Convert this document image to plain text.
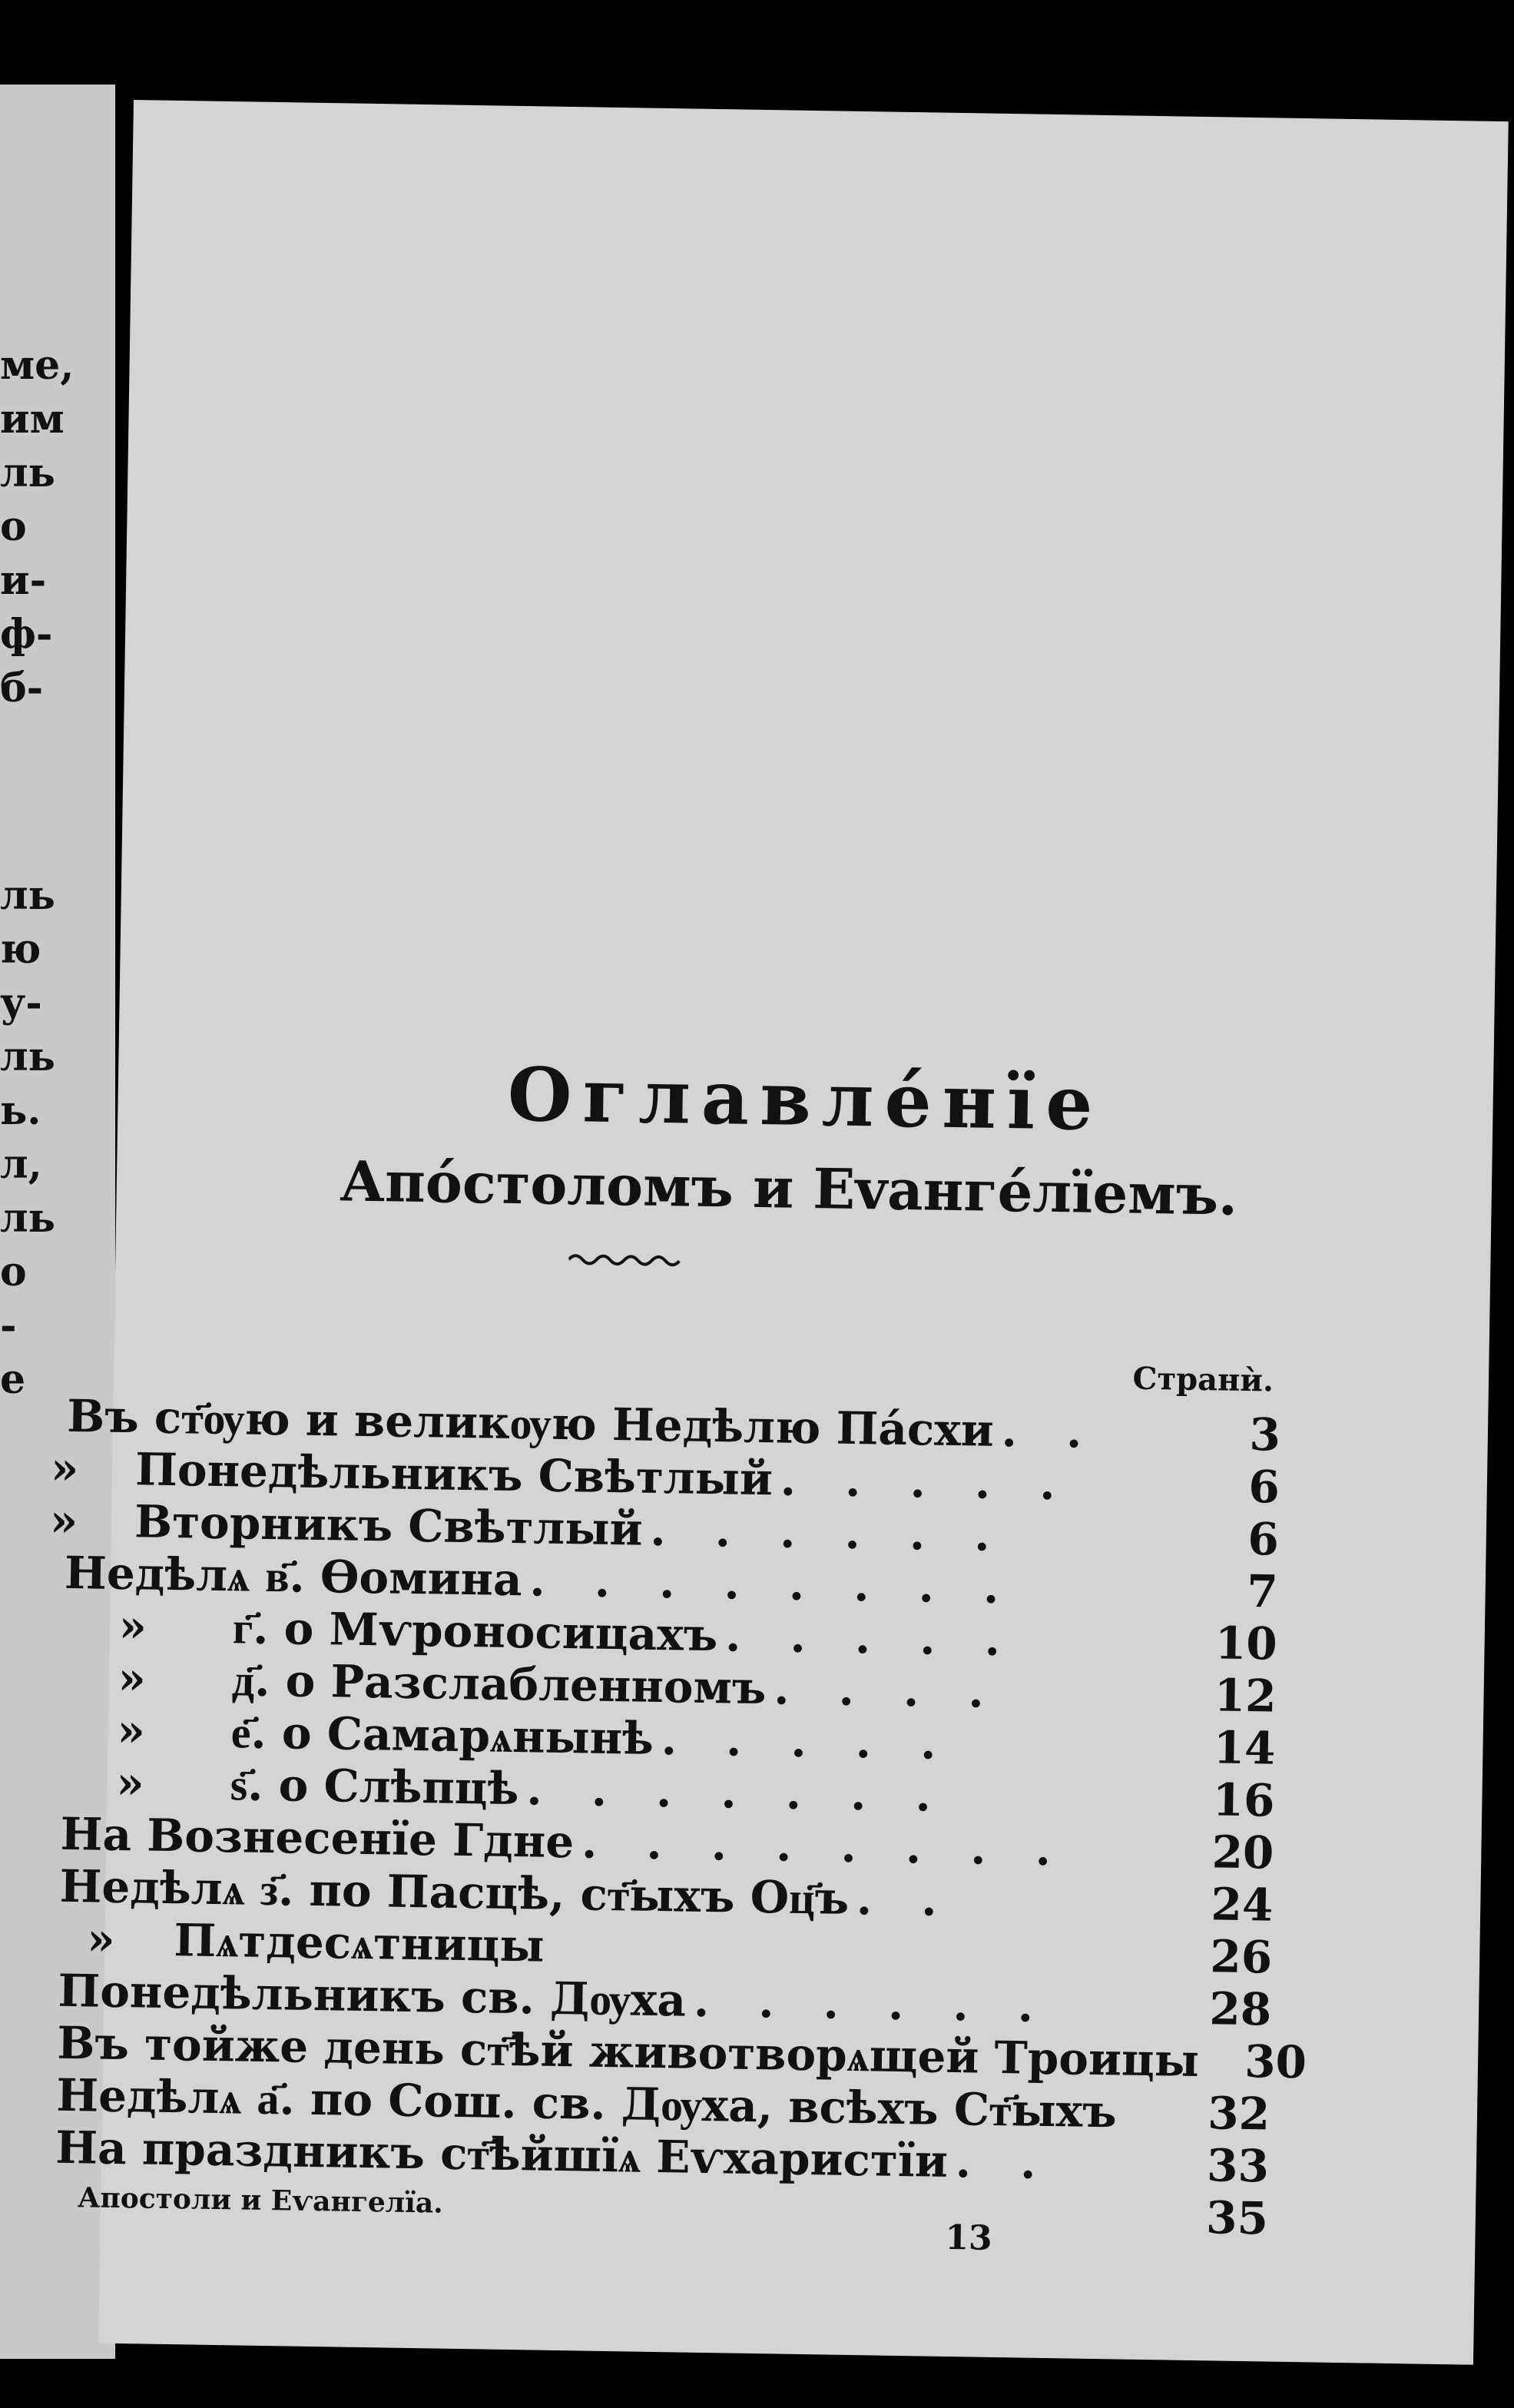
ме,
им
ль
о
и-
ф-
б-
ль
ю
у-
ль
ь.
л,
ль
о
-
е
Оглавлéнїе
Апóстоломъ и Еvангéлїемъ.
Странѝ.
Въ ст҃ѹю и великѹю Недѣлю Пáсхи . .	3
» Понедѣльникъ Свѣтлый . . . . .	6
» Вторникъ Свѣтлый . . . . . .	6
Недѣлѧ в҃. Ѳомина . . . . . . . .	7
» г҃. о Мѵроносицахъ . . . . .	10
» д҃. о Разслабленномъ . . . .	12
» е҃. о Самарѧнынѣ . . . . .	14
» ѕ҃. о Слѣпцѣ . . . . . . .	16
На Вознесенїе Гдне . . . . . . . .	20
Недѣлѧ з҃. по Пасцѣ, ст҃ыхъ Оц҃ъ . .	24
» Пѧтдесѧтницы	26
Понедѣльникъ св. Дѹха . . . . . .	28
Въ тойже день ст҃ѣй животворѧщей Троицы	30
Недѣлѧ а҃. по Сош. св. Дѹха, всѣхъ Ст҃ыхъ	32
На праздникъ ст҃ѣйшїѧ Еѵхаристїи . .	33
35
Апостоли и Еѵангелїа.
13
